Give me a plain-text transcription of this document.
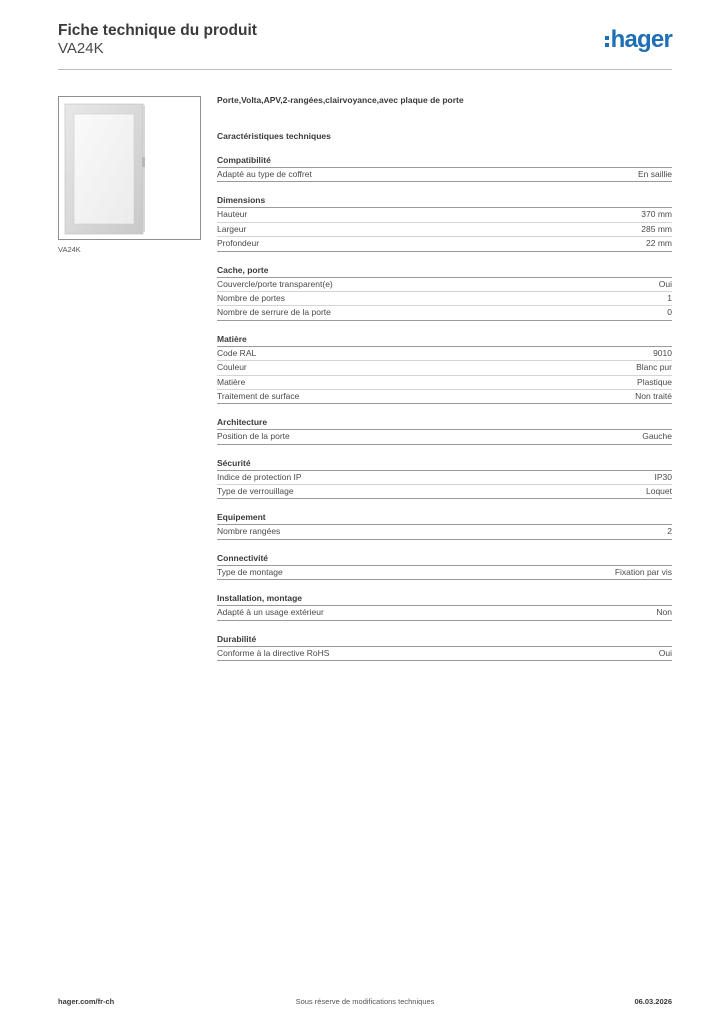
Fiche technique du produit
VA24K	hager
VA24K
Porte,Volta,APV,2-rangées,clairvoyance,avec plaque de porte
Caractéristiques techniques
Compatibilité
Adapté au type de coffret	En saillie
Dimensions
Hauteur	370 mm
Largeur	285 mm
Profondeur	22 mm
Cache, porte
Couvercle/porte transparent(e)	Oui
Nombre de portes	1
Nombre de serrure de la porte	0
Matière
Code RAL	9010
Couleur	Blanc pur
Matière	Plastique
Traitement de surface	Non traité
Architecture
Position de la porte	Gauche
Sécurité
Indice de protection IP	IP30
Type de verrouillage	Loquet
Equipement
Nombre rangées	2
Connectivité
Type de montage	Fixation par vis
Installation, montage
Adapté à un usage extérieur	Non
Durabilité
Conforme à la directive RoHS	Oui
hager.com/fr-ch	Sous réserve de modifications techniques	06.03.2026
